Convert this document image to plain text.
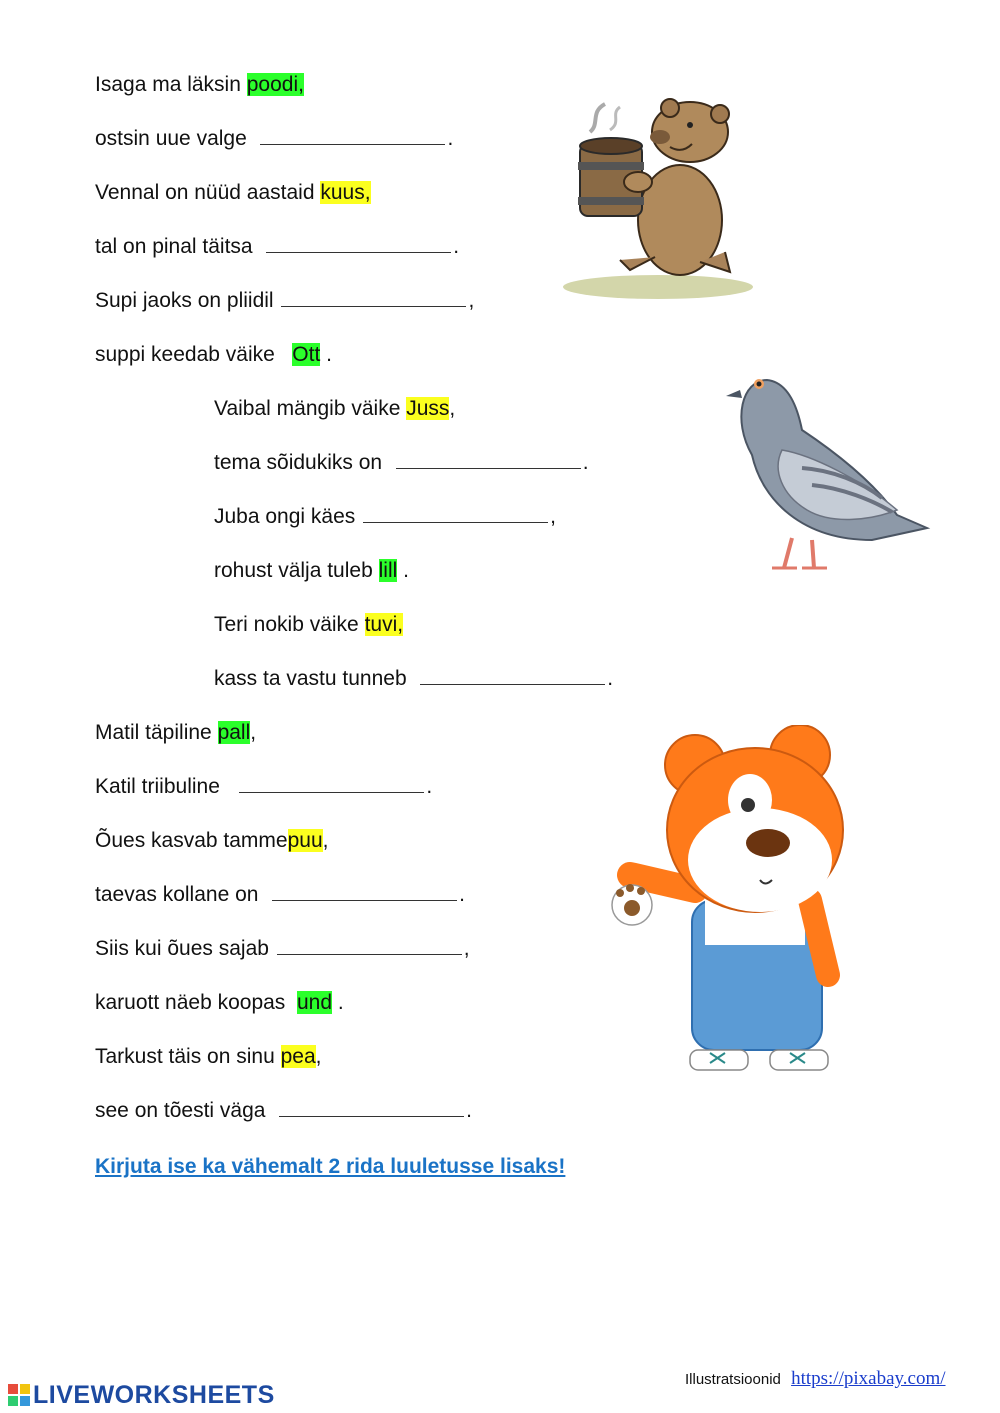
Isaga ma läksin poodi,
ostsin uue valge	.
Vennal on nüüd aastaid kuus,
tal on pinal täitsa	.
Supi jaoks on pliidil	,
suppi keedab väike   Ott .
Vaibal mängib väike Juss,
tema sõidukiks on	.
Juba ongi käes	,
rohust välja tuleb lill .
Teri nokib väike tuvi,
kass ta vastu tunneb	.
Matil täpiline pall,
Katil triibuline	.
Õues kasvab tammepuu,
taevas kollane on	.
Siis kui õues sajab	,
karuott näeb koopas  und .
Tarkust täis on sinu pea,
see on tõesti väga	.
Kirjuta ise ka vähemalt 2 rida luuletusse lisaks!
Illustratsioonid https://pixabay.com/
LIVEWORKSHEETS
